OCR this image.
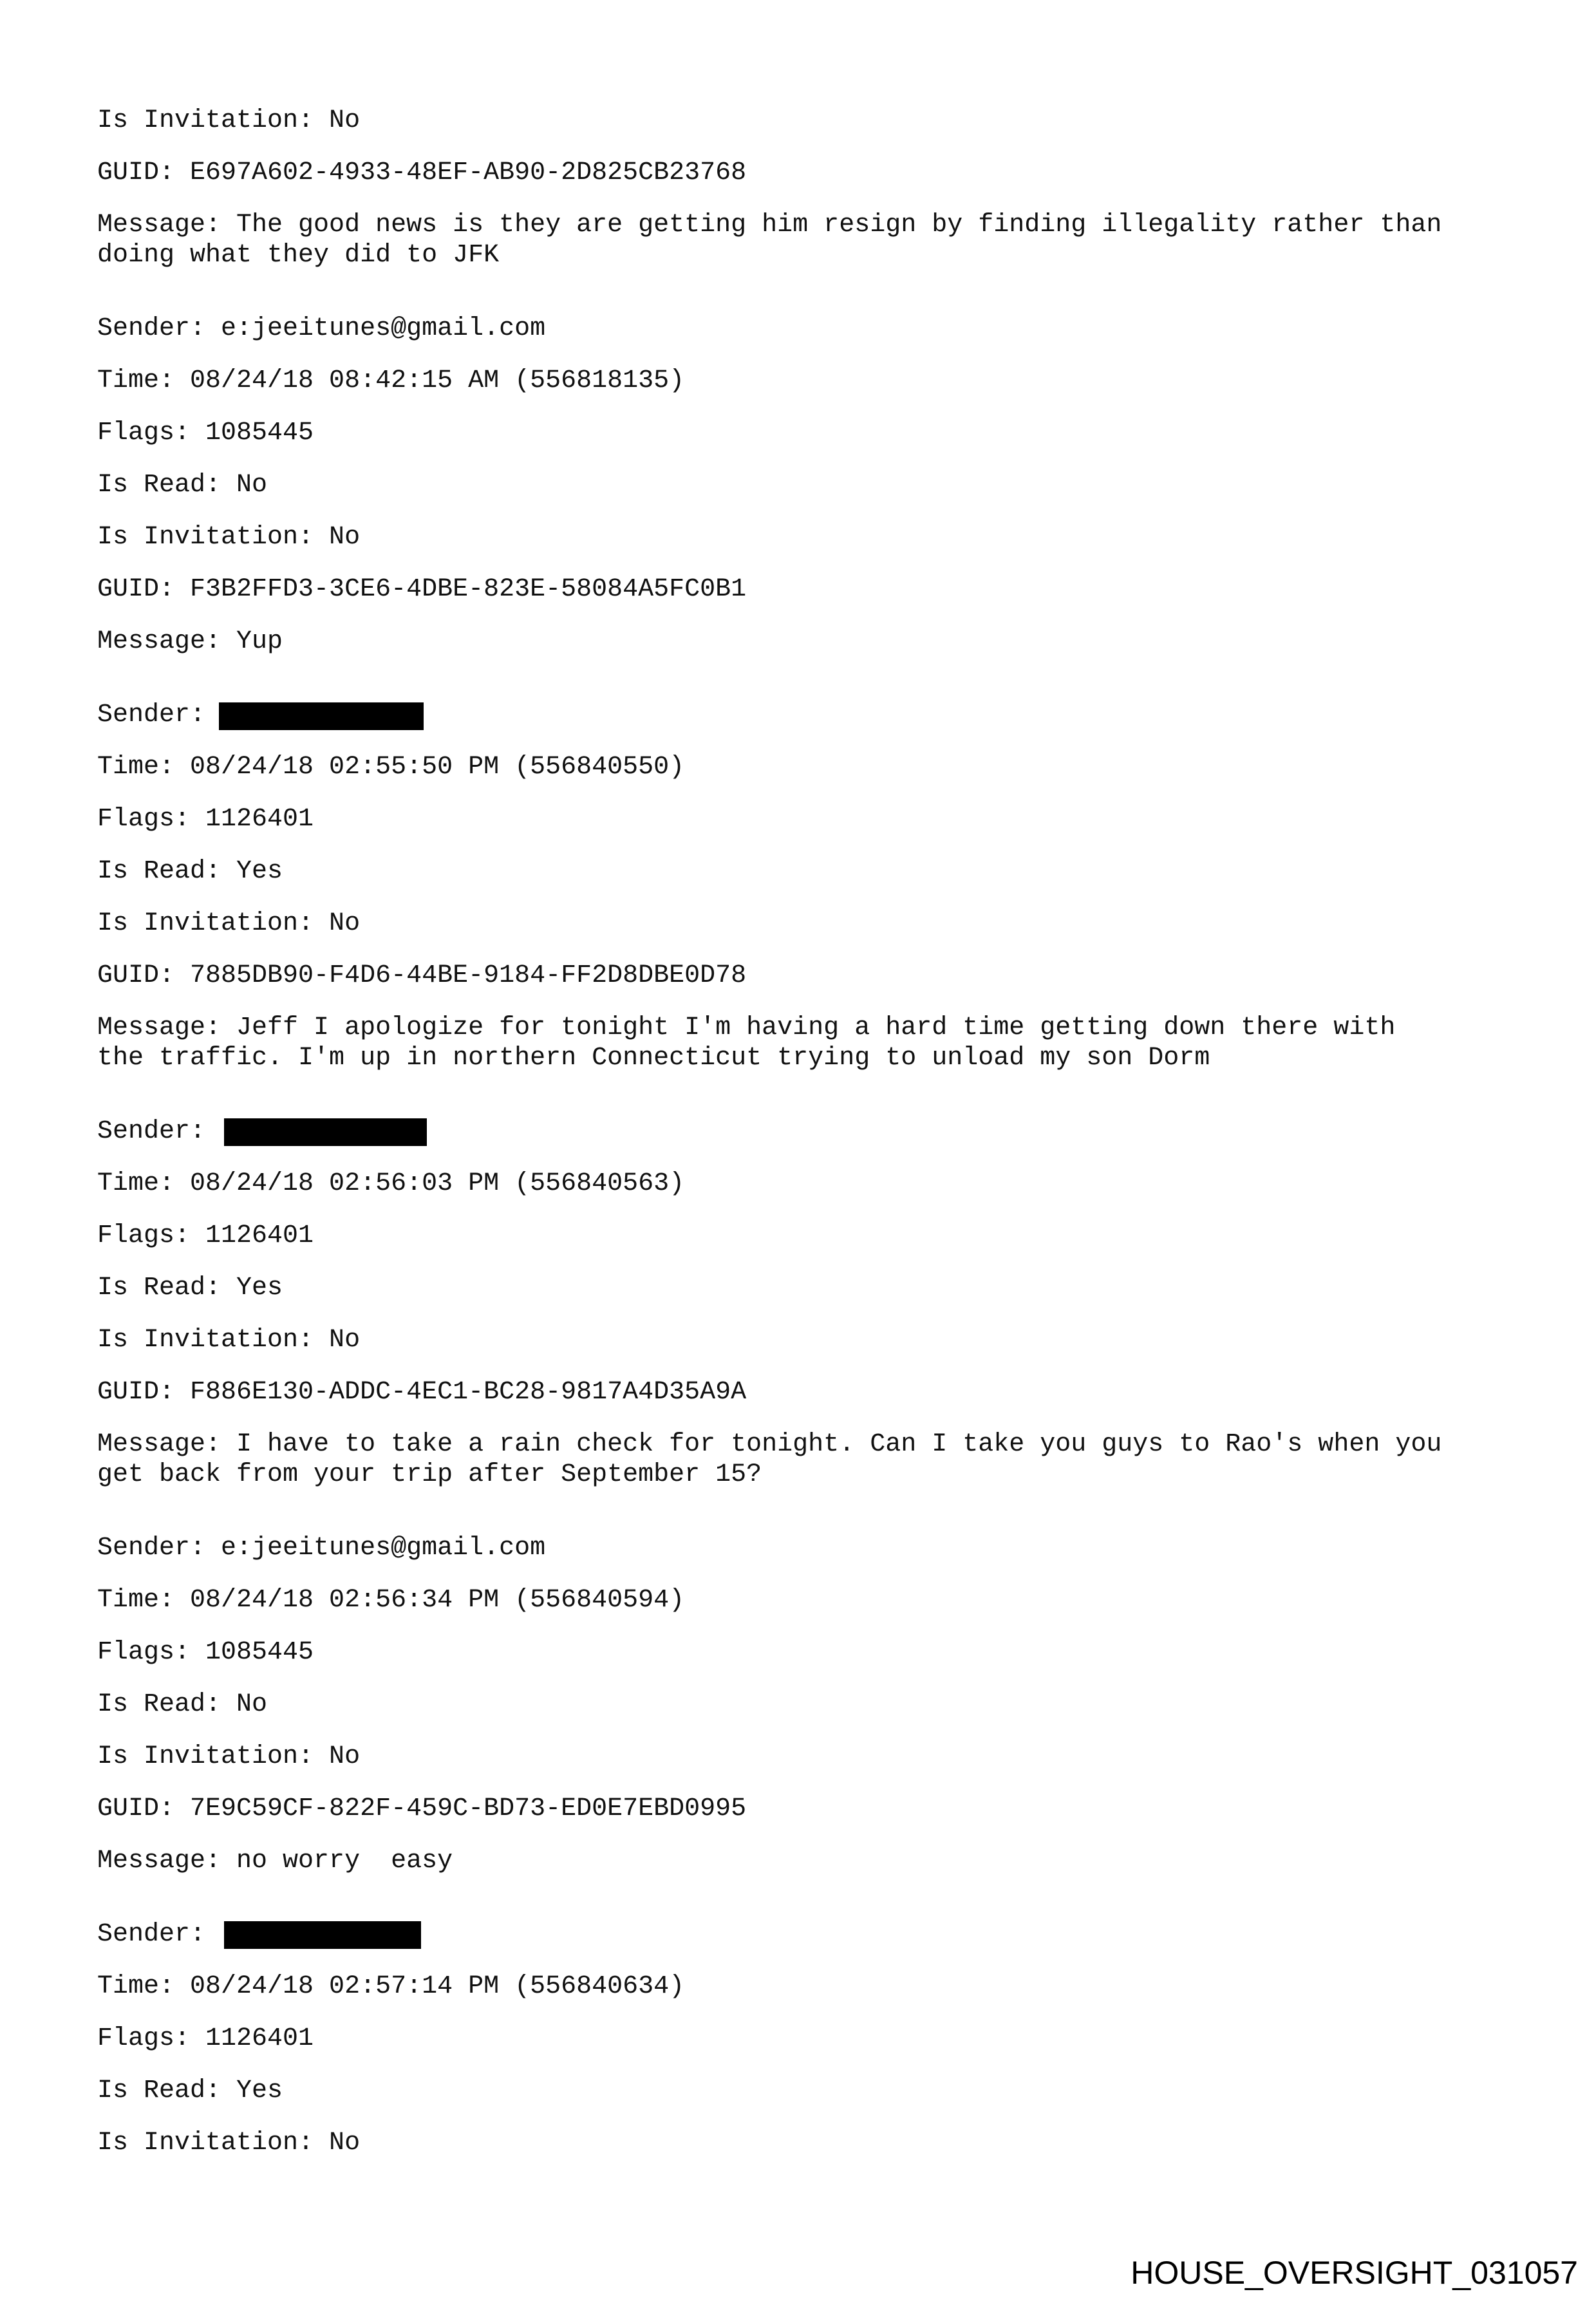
Is Invitation: No
GUID: E697A602-4933-48EF-AB90-2D825CB23768
Message: The good news is they are getting him resign by finding illegality rather than
doing what they did to JFK
Sender: e:jeeitunes@gmail.com
Time: 08/24/18 08:42:15 AM (556818135)
Flags: 1085445
Is Read: No
Is Invitation: No
GUID: F3B2FFD3-3CE6-4DBE-823E-58084A5FC0B1
Message: Yup
Sender:
Time: 08/24/18 02:55:50 PM (556840550)
Flags: 1126401
Is Read: Yes
Is Invitation: No
GUID: 7885DB90-F4D6-44BE-9184-FF2D8DBE0D78
Message: Jeff I apologize for tonight I'm having a hard time getting down there with
the traffic. I'm up in northern Connecticut trying to unload my son Dorm
Sender:
Time: 08/24/18 02:56:03 PM (556840563)
Flags: 1126401
Is Read: Yes
Is Invitation: No
GUID: F886E130-ADDC-4EC1-BC28-9817A4D35A9A
Message: I have to take a rain check for tonight. Can I take you guys to Rao's when you
get back from your trip after September 15?
Sender: e:jeeitunes@gmail.com
Time: 08/24/18 02:56:34 PM (556840594)
Flags: 1085445
Is Read: No
Is Invitation: No
GUID: 7E9C59CF-822F-459C-BD73-ED0E7EBD0995
Message: no worry  easy
Sender:
Time: 08/24/18 02:57:14 PM (556840634)
Flags: 1126401
Is Read: Yes
Is Invitation: No
HOUSE_OVERSIGHT_031057
